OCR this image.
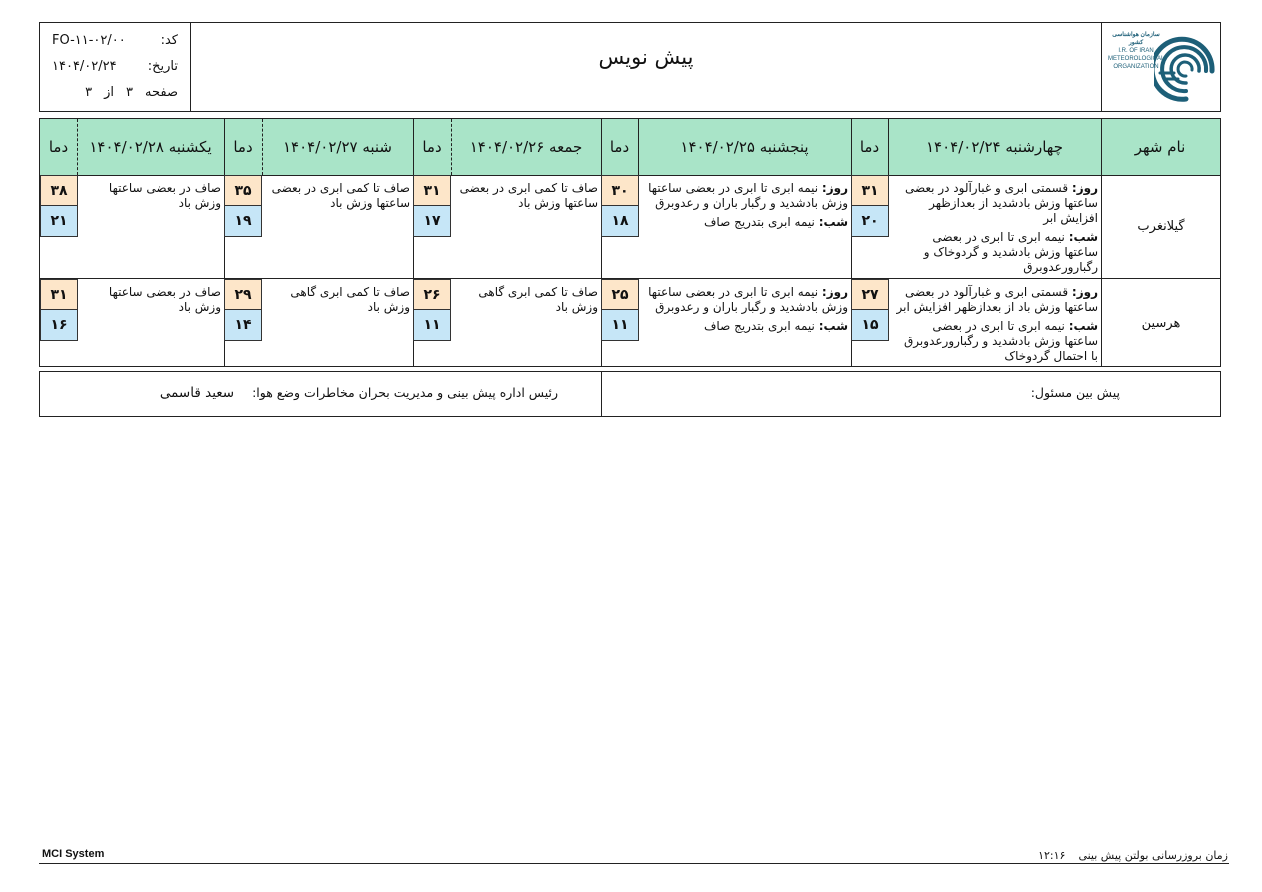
کد:
FO-۱۱-۰۲/۰۰
تاریخ:
۱۴۰۴/۰۲/۲۴
صفحه
۳
از
۳
پیش نویس
سازمان هواشناسی کشور
I.R. OF IRAN
METEOROLOGICAL
ORGANIZATION
نام شهر
چهارشنبه ۱۴۰۴/۰۲/۲۴
دما
پنجشنبه ۱۴۰۴/۰۲/۲۵
دما
جمعه ۱۴۰۴/۰۲/۲۶
دما
شنبه ۱۴۰۴/۰۲/۲۷
دما
یکشنبه ۱۴۰۴/۰۲/۲۸
دما
گیلانغرب
روز: قسمتی ابری و غبارآلود در بعضی ساعتها وزش بادشدید از بعدازظهر افزایش ابر
شب: نیمه ابری تا ابری در بعضی ساعتها وزش بادشدید و گردوخاک و رگبارورعدوبرق
۳۱
۲۰
روز: نیمه ابری تا ابری در بعضی ساعتها وزش بادشدید و رگبار باران و رعدوبرق
شب: نیمه ابری بتدریج صاف
۳۰
۱۸
صاف تا کمی ابری در بعضی ساعتها وزش باد
۳۱
۱۷
صاف تا کمی ابری در بعضی ساعتها وزش باد
۳۵
۱۹
صاف در بعضی ساعتها وزش باد
۳۸
۲۱
هرسین
روز: قسمتی ابری و غبارآلود در بعضی ساعتها وزش باد از بعدازظهر افزایش ابر
شب: نیمه ابری تا ابری در بعضی ساعتها وزش بادشدید و رگبارورعدوبرق با احتمال گردوخاک
۲۷
۱۵
روز: نیمه ابری تا ابری در بعضی ساعتها وزش بادشدید و رگبار باران و رعدوبرق
شب: نیمه ابری بتدریج صاف
۲۵
۱۱
صاف تا کمی ابری گاهی وزش باد
۲۶
۱۱
صاف تا کمی ابری گاهی وزش باد
۲۹
۱۴
صاف در بعضی ساعتها وزش باد
۳۱
۱۶
پیش بین مسئول:
رئیس اداره پیش بینی و مدیریت بحران مخاطرات وضع هوا:  سعید قاسمی
MCI System	زمان بروزرسانی بولتن پیش بینی  ۱۲:۱۶
